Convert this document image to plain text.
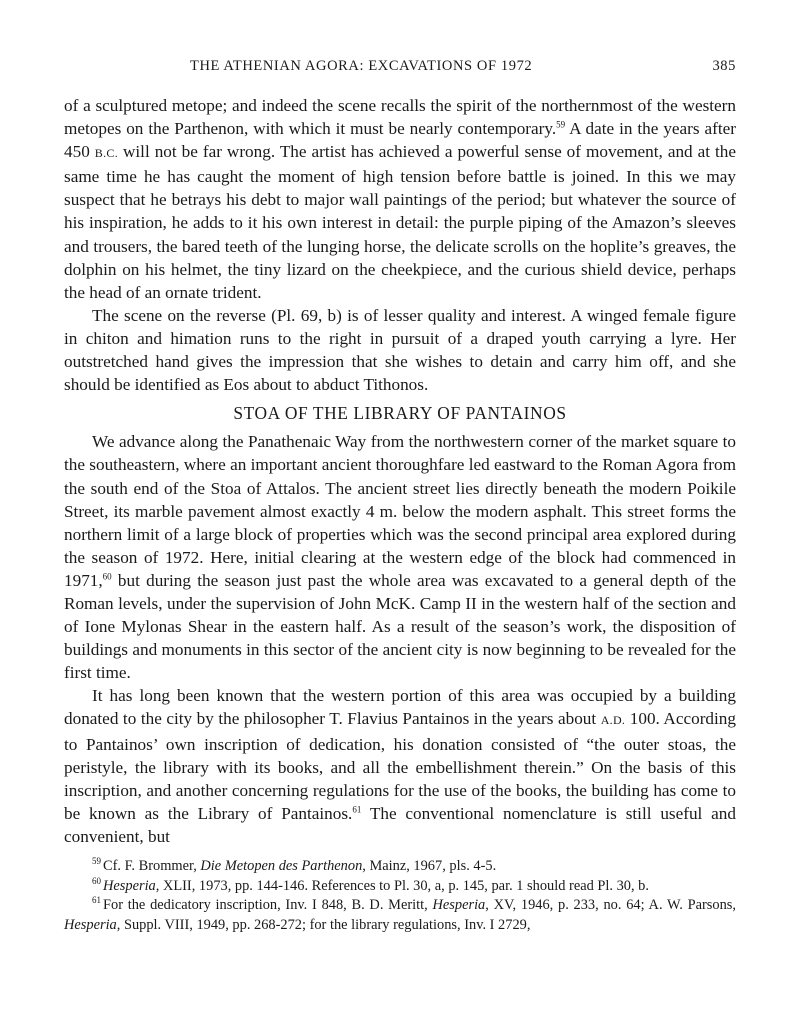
THE ATHENIAN AGORA: EXCAVATIONS OF 1972	385

of a sculptured metope; and indeed the scene recalls the spirit of the northernmost of the western metopes on the Parthenon, with which it must be nearly contemporary.$^{59}$ A date in the years after 450 B.C. will not be far wrong. The artist has achieved a powerful sense of movement, and at the same time he has caught the moment of high tension before battle is joined. In this we may suspect that he betrays his debt to major wall paintings of the period; but whatever the source of his inspiration, he adds to it his own interest in detail: the purple piping of the Amazon’s sleeves and trousers, the bared teeth of the lunging horse, the delicate scrolls on the hoplite’s greaves, the dolphin on his helmet, the tiny lizard on the cheekpiece, and the curious shield device, perhaps the head of an ornate trident.

The scene on the reverse (Pl. 69, b) is of lesser quality and interest. A winged female figure in chiton and himation runs to the right in pursuit of a draped youth carrying a lyre. Her outstretched hand gives the impression that she wishes to detain and carry him off, and she should be identified as Eos about to abduct Tithonos.

STOA OF THE LIBRARY OF PANTAINOS

We advance along the Panathenaic Way from the northwestern corner of the market square to the southeastern, where an important ancient thoroughfare led eastward to the Roman Agora from the south end of the Stoa of Attalos. The ancient street lies directly beneath the modern Poikile Street, its marble pavement almost exactly 4 m. below the modern asphalt. This street forms the northern limit of a large block of properties which was the second principal area explored during the season of 1972. Here, initial clearing at the western edge of the block had commenced in 1971,60 but during the season just past the whole area was excavated to a general depth of the Roman levels, under the supervision of John McK. Camp II in the western half of the section and of Ione Mylonas Shear in the eastern half. As a result of the season’s work, the disposition of buildings and monuments in this sector of the ancient city is now beginning to be revealed for the first time.

It has long been known that the western portion of this area was occupied by a building donated to the city by the philosopher T. Flavius Pantainos in the years about A.D. 100. According to Pantainos’ own inscription of dedication, his donation consisted of “the outer stoas, the peristyle, the library with its books, and all the embellishment therein.” On the basis of this inscription, and another concerning regulations for the use of the books, the building has come to be known as the Library of Pantainos.$^{61}$ The conventional nomenclature is still useful and convenient, but

$^{59}$ Cf. F. Brommer, Die Metopen des Parthenon, Mainz, 1967, pls. 4-5.

$^{60}$ Hesperia, XLII, 1973, pp. 144-146. References to Pl. 30, a, p. 145, par. 1 should read Pl. 30, b.

$^{61}$ For the dedicatory inscription, Inv. I 848, B. D. Meritt, Hesperia, XV, 1946, p. 233, no. 64; A. W. Parsons, Hesperia, Suppl. VIII, 1949, pp. 268-272; for the library regulations, Inv. I 2729,
